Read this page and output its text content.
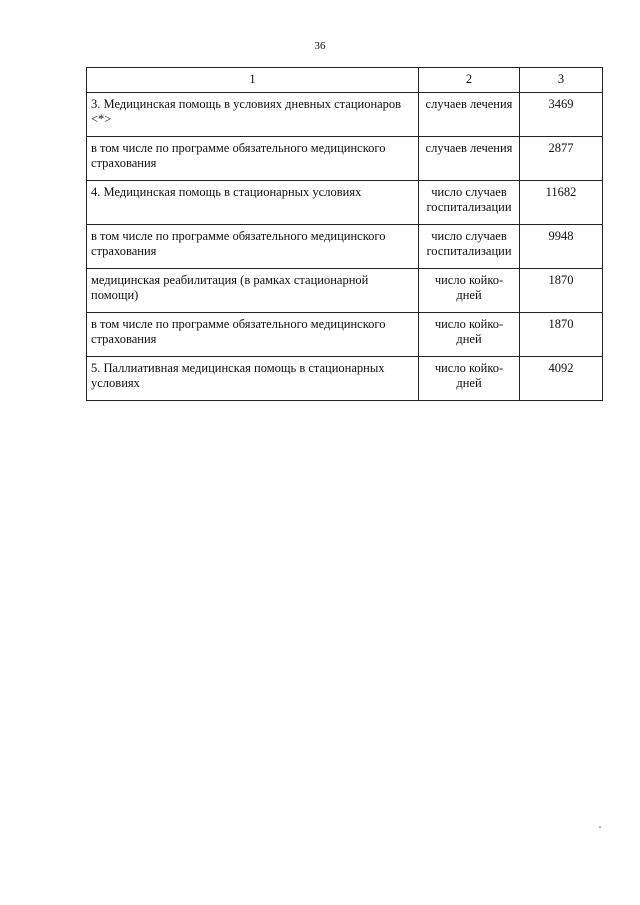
36
1	2	3
3. Медицинская помощь в условиях дневных стационаров <*>	случаев лечения	3469
в том числе по программе обязательного медицинского страхования	случаев лечения	2877
4. Медицинская помощь в стационарных условиях	число случаев госпитализации	11682
в том числе по программе обязательного медицинского страхования	число случаев госпитализации	9948
медицинская реабилитация (в рамках стационарной помощи)	число койко-дней	1870
в том числе по программе обязательного медицинского страхования	число койко-дней	1870
5. Паллиативная медицинская помощь в стационарных условиях	число койко-дней	4092
